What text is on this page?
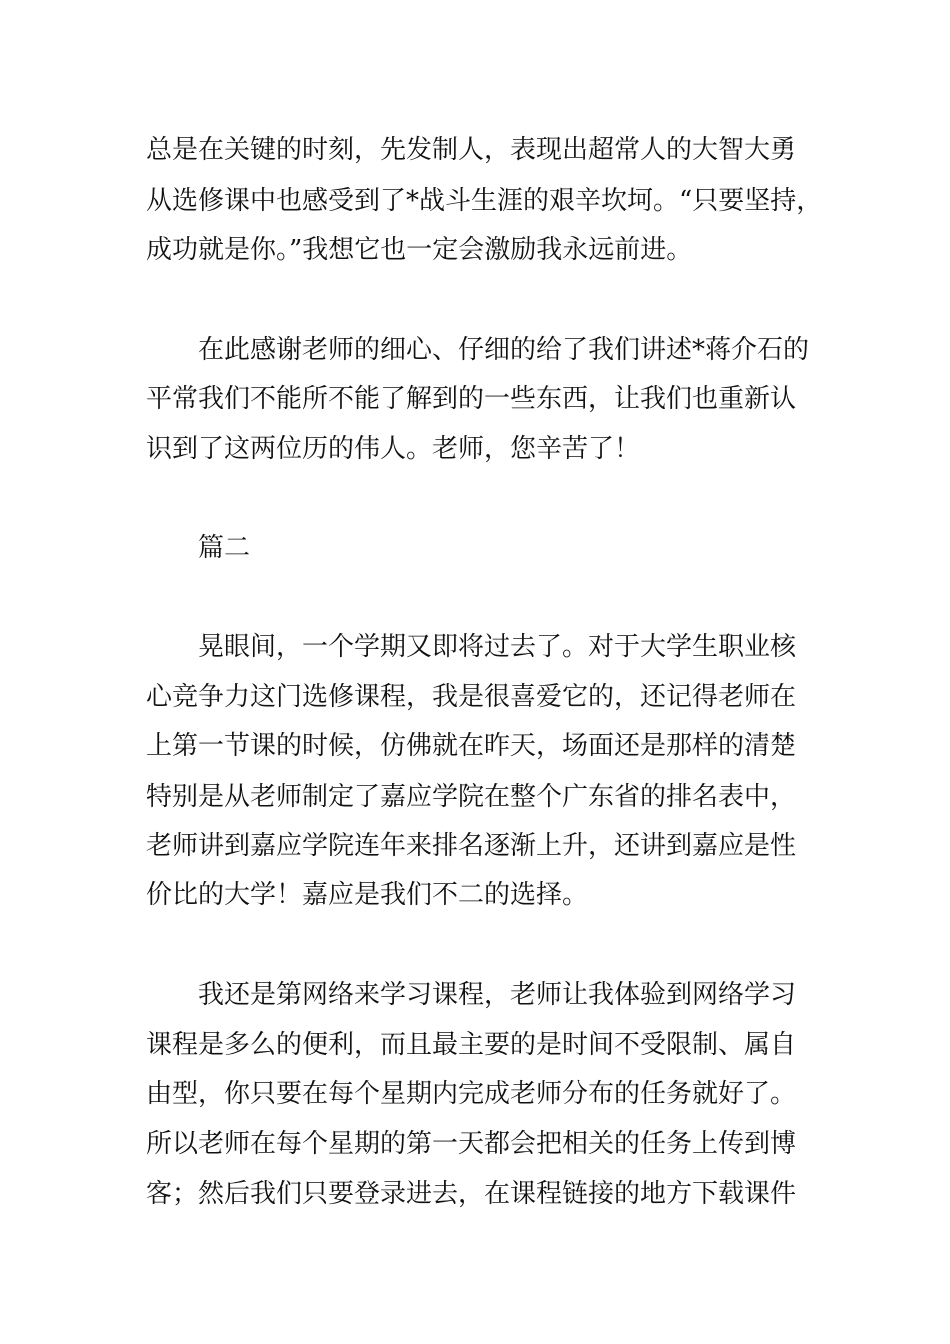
总是在关键的时刻，先发制人，表现出超常人的大智大勇
从选修课中也感受到了*战斗生涯的艰辛坎坷。“只要坚持，
成功就是你。”我想它也一定会激励我永远前进。
在此感谢老师的细心、仔细的给了我们讲述*蒋介石的
平常我们不能所不能了解到的一些东西，让我们也重新认
识到了这两位历的伟人。老师，您辛苦了！
篇二
晃眼间，一个学期又即将过去了。对于大学生职业核
心竞争力这门选修课程，我是很喜爱它的，还记得老师在
上第一节课的时候，仿佛就在昨天，场面还是那样的清楚
特别是从老师制定了嘉应学院在整个广东省的排名表中，
老师讲到嘉应学院连年来排名逐渐上升，还讲到嘉应是性
价比的大学！嘉应是我们不二的选择。
我还是第网络来学习课程，老师让我体验到网络学习
课程是多么的便利，而且最主要的是时间不受限制、属自
由型，你只要在每个星期内完成老师分布的任务就好了。
所以老师在每个星期的第一天都会把相关的任务上传到博
客；然后我们只要登录进去，在课程链接的地方下载课件
